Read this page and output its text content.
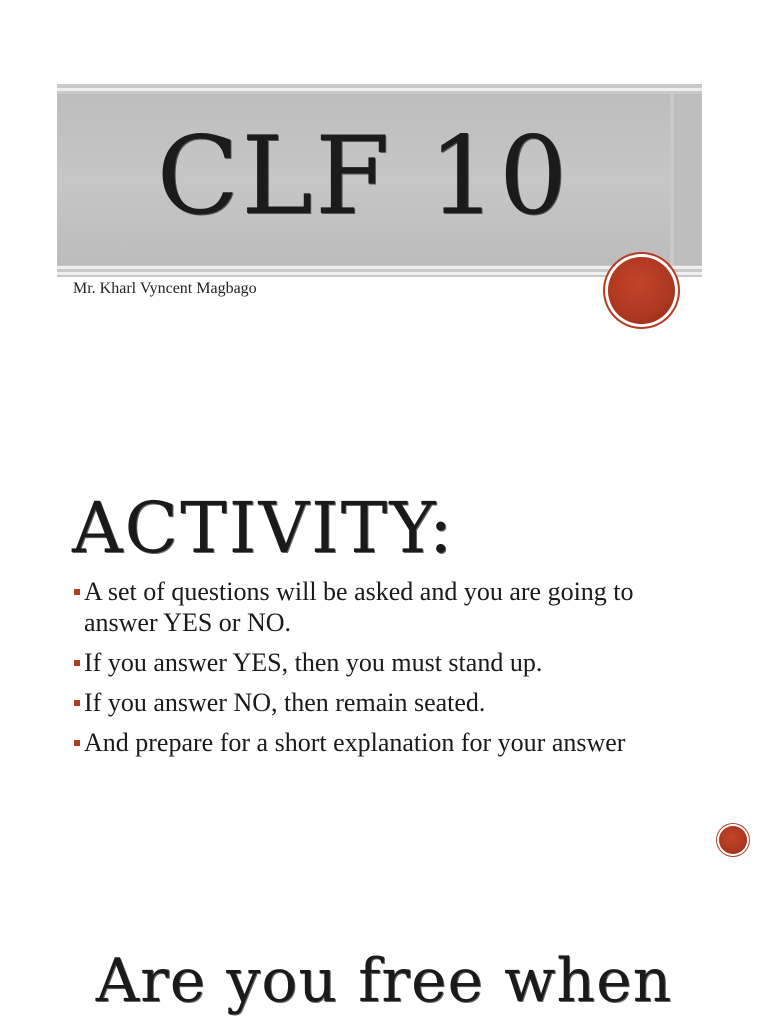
CLF 10
Mr. Kharl Vyncent Magbago
ACTIVITY:
A set of questions will be asked and you are going to answer YES or NO.
If you answer YES, then you must stand up.
If you answer NO, then remain seated.
And prepare for a short explanation for your answer
Are you free when
